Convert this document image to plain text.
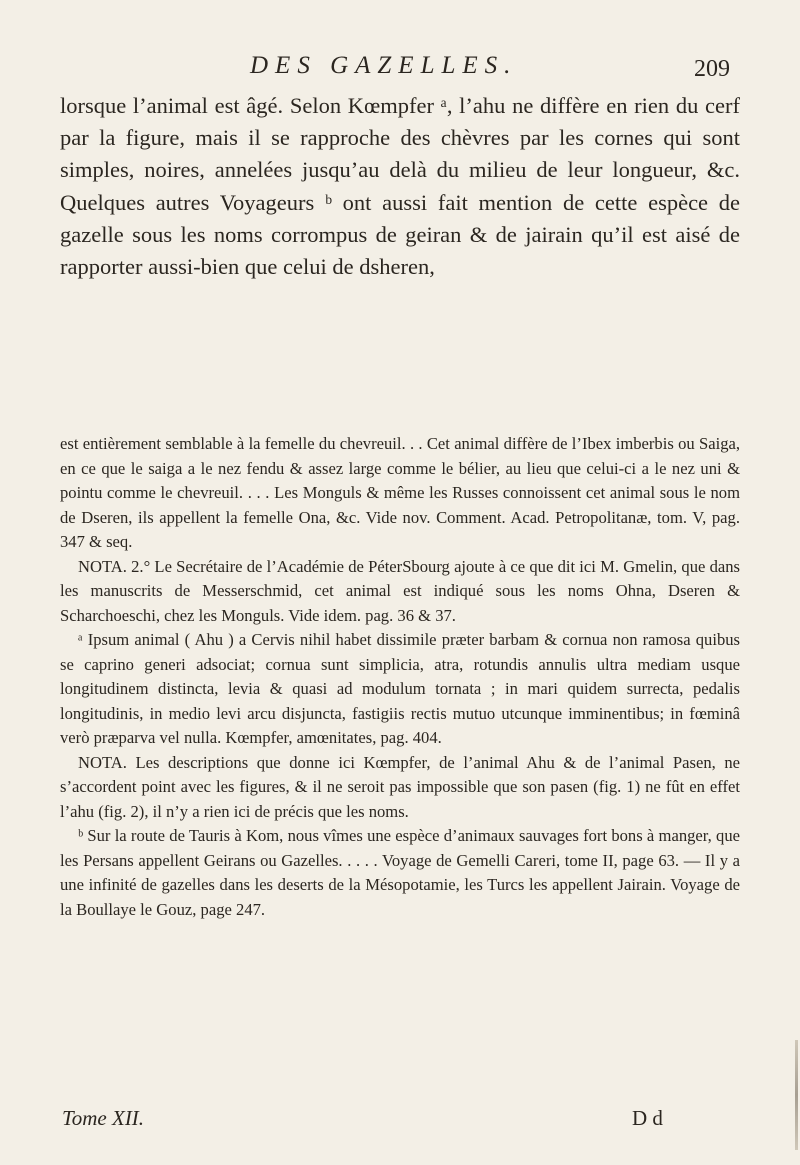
DES GAZELLES.	209

lorsque l’animal est âgé. Selon Kœmpfer ᵃ, l’ahu ne diffère en rien du cerf par la figure, mais il se rapproche des chèvres par les cornes qui sont simples, noires, annelées jusqu’au delà du milieu de leur longueur, &c. Quelques autres Voyageurs ᵇ ont aussi fait mention de cette espèce de gazelle sous les noms corrompus de geiran & de jairain qu’il est aisé de rapporter aussi-bien que celui de dsheren,

est entièrement semblable à la femelle du chevreuil. . . Cet animal diffère de l’Ibex imberbis ou Saiga, en ce que le saiga a le nez fendu & assez large comme le bélier, au lieu que celui-ci a le nez uni & pointu comme le chevreuil. . . . Les Monguls & même les Russes connoissent cet animal sous le nom de Dseren, ils appellent la femelle Ona, &c. Vide nov. Comment. Acad. Petropolitanæ, tom. V, pag. 347 & seq.

NOTA. 2.° Le Secrétaire de l’Académie de PéterSbourg ajoute à ce que dit ici M. Gmelin, que dans les manuscrits de Messerschmid, cet animal est indiqué sous les noms Ohna, Dseren & Scharchoeschi, chez les Monguls. Vide idem. pag. 36 & 37.

ᵃ Ipsum animal ( Ahu ) a Cervis nihil habet dissimile præter barbam & cornua non ramosa quibus se caprino generi adsociat; cornua sunt simplicia, atra, rotundis annulis ultra mediam usque longitudinem distincta, levia & quasi ad modulum tornata ; in mari quidem surrecta, pedalis longitudinis, in medio levi arcu disjuncta, fastigiis rectis mutuo utcunque imminentibus; in fœminâ verò præparva vel nulla. Kœmpfer, amœnitates, pag. 404.

NOTA. Les descriptions que donne ici Kœmpfer, de l’animal Ahu & de l’animal Pasen, ne s’accordent point avec les figures, & il ne seroit pas impossible que son pasen (fig. 1) ne fût en effet l’ahu (fig. 2), il n’y a rien ici de précis que les noms.

ᵇ Sur la route de Tauris à Kom, nous vîmes une espèce d’animaux sauvages fort bons à manger, que les Persans appellent Geirans ou Gazelles. . . . . Voyage de Gemelli Careri, tome II, page 63. — Il y a une infinité de gazelles dans les deserts de la Mésopotamie, les Turcs les appellent Jairain. Voyage de la Boullaye le Gouz, page 247.

Tome XII.	D d
